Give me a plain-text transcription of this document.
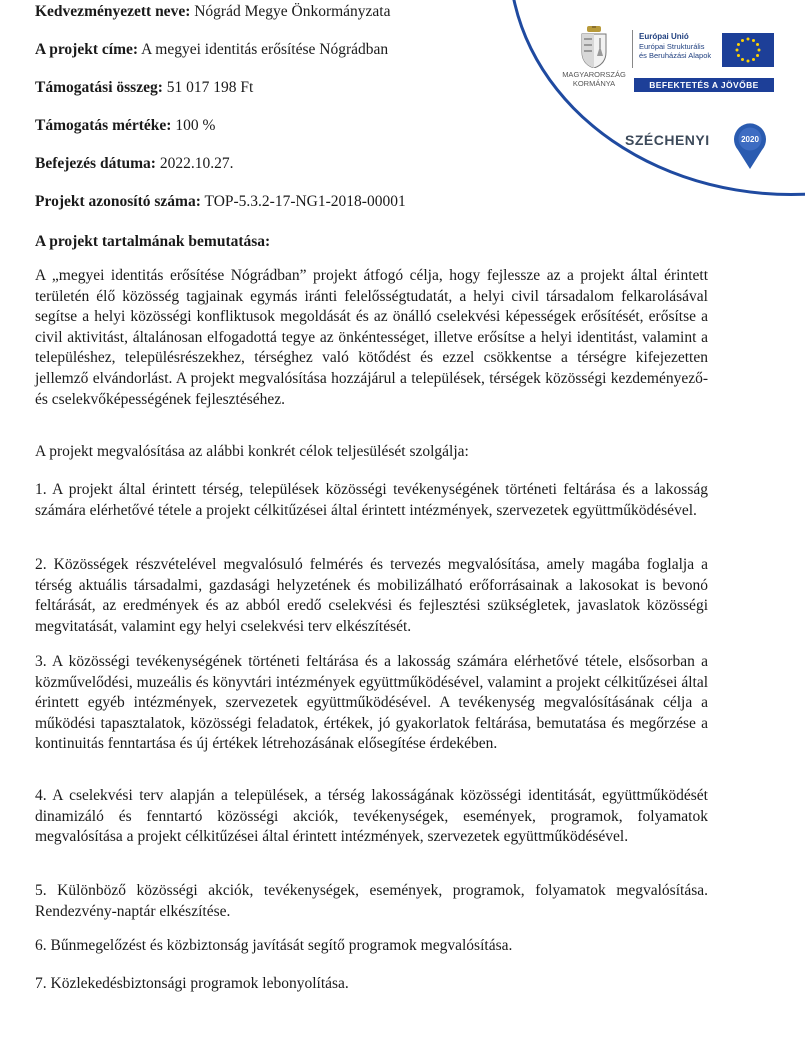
Kedvezményezett neve: Nógrád Megye Önkormányzata
A projekt címe: A megyei identitás erősítése Nógrádban
Támogatási összeg: 51 017 198 Ft
Támogatás mértéke: 100 %
Befejezés dátuma: 2022.10.27.
Projekt azonosító száma: TOP-5.3.2-17-NG1-2018-00001
MAGYARORSZÁG
KORMÁNYA
Európai Unió
Európai Strukturális
és Beruházási Alapok
BEFEKTETÉS A JÖVŐBE
SZÉCHENYI	2020
A projekt tartalmának bemutatása:

A „megyei identitás erősítése Nógrádban” projekt átfogó célja, hogy fejlessze az a projekt által érintett területén élő közösség tagjainak egymás iránti felelősségtudatát, a helyi civil társadalom felkarolásával segítse a helyi közösségi konfliktusok megoldását és az önálló cselekvési képességek erősítését, erősítse a civil aktivitást, általánosan elfogadottá tegye az önkéntességet, illetve erősítse a helyi identitást, valamint a településhez, településrészekhez, térséghez való kötődést és ezzel csökkentse a térségre kifejezetten jellemző elvándorlást. A projekt megvalósítása hozzájárul a települések, térségek közösségi kezdeményező- és cselekvőképességének fejlesztéséhez.

A projekt megvalósítása az alábbi konkrét célok teljesülését szolgálja:

1. A projekt által érintett térség, települések közösségi tevékenységének történeti feltárása és a lakosság számára elérhetővé tétele a projekt célkitűzései által érintett intézmények, szervezetek együttműködésével.

2. Közösségek részvételével megvalósuló felmérés és tervezés megvalósítása, amely magába foglalja a térség aktuális társadalmi, gazdasági helyzetének és mobilizálható erőforrásainak a lakosokat is bevonó feltárását, az eredmények és az abból eredő cselekvési és fejlesztési szükségletek, javaslatok közösségi megvitatását, valamint egy helyi cselekvési terv elkészítését.

3. A közösségi tevékenységének történeti feltárása és a lakosság számára elérhetővé tétele, elsősorban a közművelődési, muzeális és könyvtári intézmények együttműködésével, valamint a projekt célkitűzései által érintett egyéb intézmények, szervezetek együttműködésével. A tevékenység megvalósításának célja a működési tapasztalatok, közösségi feladatok, értékek, jó gyakorlatok feltárása, bemutatása és megőrzése a kontinuitás fenntartása és új értékek létrehozásának elősegítése érdekében.

4. A cselekvési terv alapján a települések, a térség lakosságának közösségi identitását, együttműködését dinamizáló és fenntartó közösségi akciók, tevékenységek, események, programok, folyamatok megvalósítása a projekt célkitűzései által érintett intézmények, szervezetek együttműködésével.

5. Különböző közösségi akciók, tevékenységek, események, programok, folyamatok megvalósítása. Rendezvény-naptár elkészítése.

6. Bűnmegelőzést és közbiztonság javítását segítő programok megvalósítása.

7. Közlekedésbiztonsági programok lebonyolítása.
